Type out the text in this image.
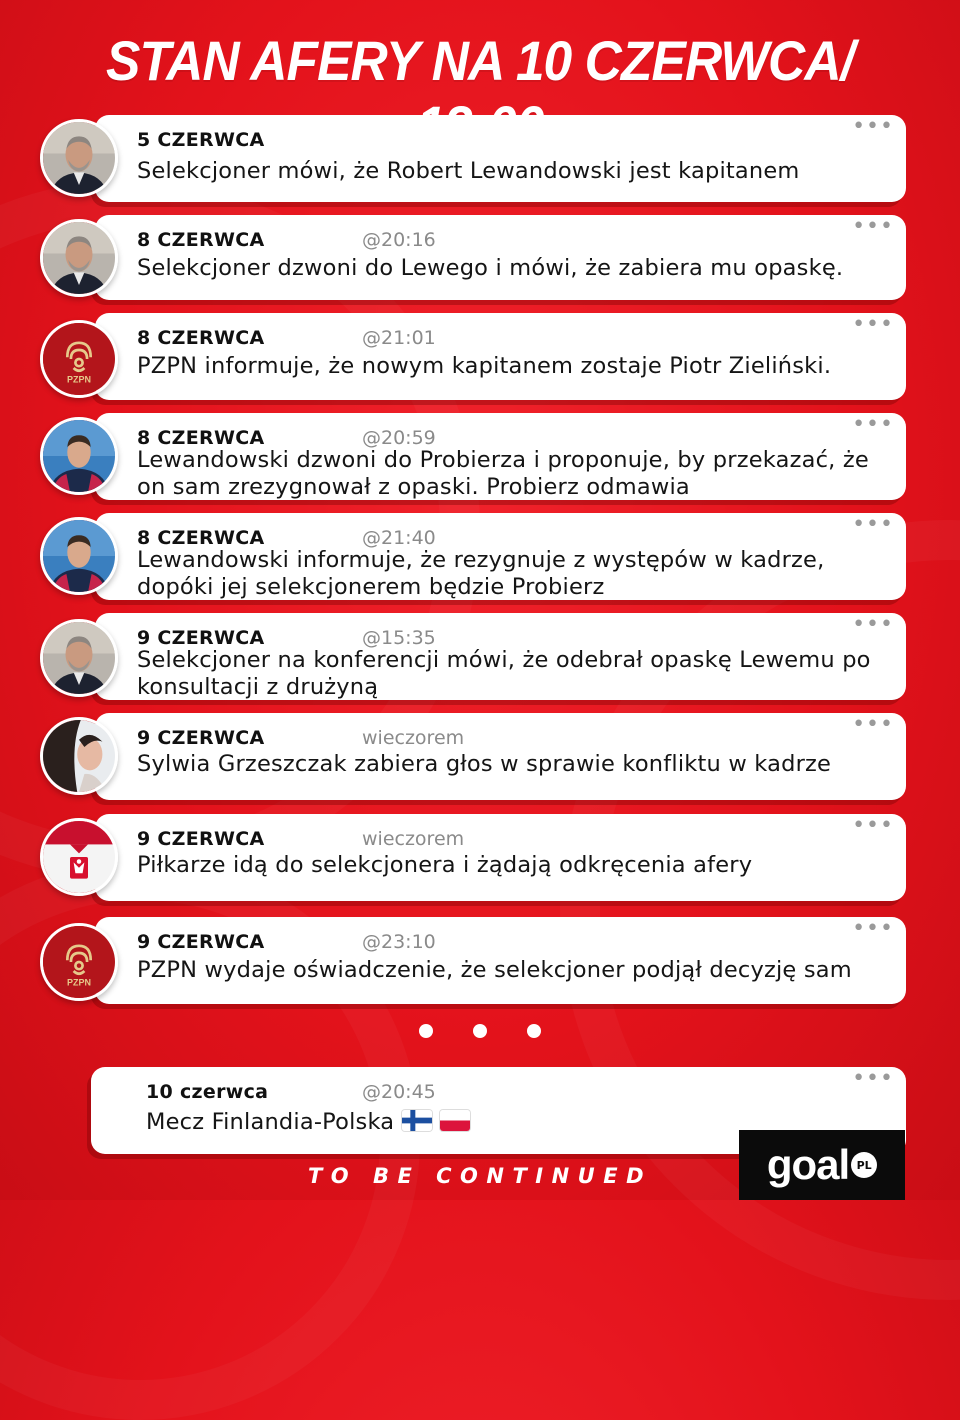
STAN AFERY NA 10 CZERWCA/
5 CZERWCA
•••
Selekcjoner mówi, że Robert Lewandowski jest kapitanem
8 CZERWCA	@20:16
•••
Selekcjoner dzwoni do Lewego i mówi, że zabiera mu opaskę.
PZPN
8 CZERWCA	@21:01
•••
PZPN informuje, że nowym kapitanem zostaje Piotr Zieliński.
8 CZERWCA	@20:59
•••
Lewandowski dzwoni do Probierza i proponuje, by przekazać, że on sam zrezygnował z opaski. Probierz odmawia
8 CZERWCA	@21:40
•••
Lewandowski informuje, że rezygnuje z występów w kadrze, dopóki jej selekcjonerem będzie Probierz
9 CZERWCA	@15:35
•••
Selekcjoner na konferencji mówi, że odebrał opaskę Lewemu po konsultacji z drużyną
9 CZERWCA	wieczorem
•••
Sylwia Grzeszczak zabiera głos w sprawie konfliktu w kadrze
9 CZERWCA	wieczorem
•••
Piłkarze idą do selekcjonera i żądają odkręcenia afery
PZPN
9 CZERWCA	@23:10
•••
PZPN wydaje oświadczenie, że selekcjoner podjął decyzję sam
10 czerwca	@20:45
•••
Mecz Finlandia-Polska
TO BE CONTINUED	goal PL
